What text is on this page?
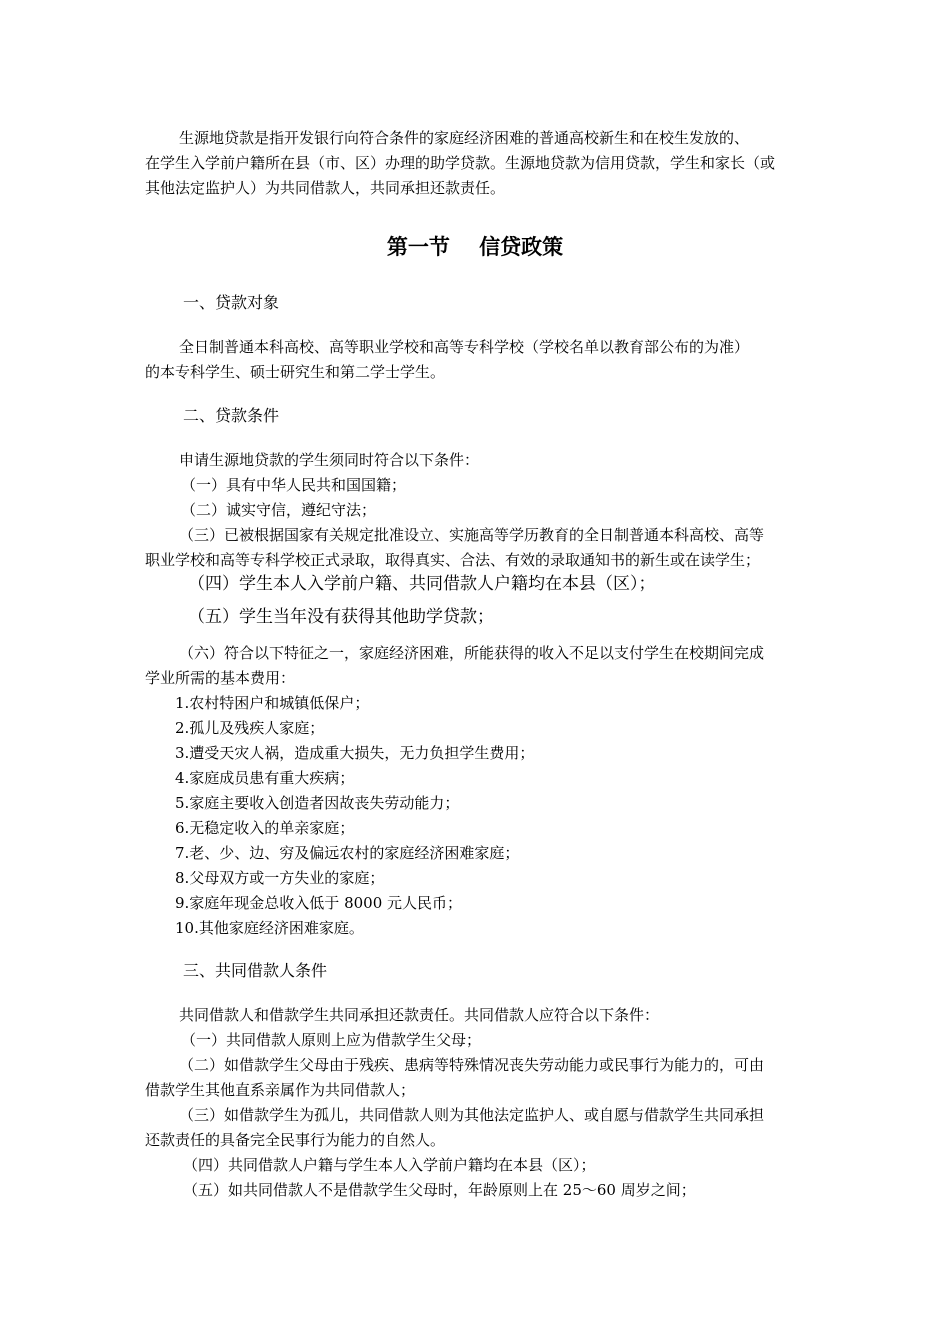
生源地贷款是指开发银行向符合条件的家庭经济困难的普通高校新生和在校生发放的、
在学生入学前户籍所在县（市、区）办理的助学贷款。生源地贷款为信用贷款，学生和家长（或
其他法定监护人）为共同借款人，共同承担还款责任。
第一节    信贷政策
一、贷款对象
全日制普通本科高校、高等职业学校和高等专科学校（学校名单以教育部公布的为准）
的本专科学生、硕士研究生和第二学士学生。
二、贷款条件
申请生源地贷款的学生须同时符合以下条件：
（一）具有中华人民共和国国籍；
（二）诚实守信，遵纪守法；
（三）已被根据国家有关规定批准设立、实施高等学历教育的全日制普通本科高校、高等
职业学校和高等专科学校正式录取，取得真实、合法、有效的录取通知书的新生或在读学生；
（四）学生本人入学前户籍、共同借款人户籍均在本县（区）；
（五）学生当年没有获得其他助学贷款；
（六）符合以下特征之一，家庭经济困难，所能获得的收入不足以支付学生在校期间完成
学业所需的基本费用：
1.农村特困户和城镇低保户；
2.孤儿及残疾人家庭；
3.遭受天灾人祸，造成重大损失，无力负担学生费用；
4.家庭成员患有重大疾病；
5.家庭主要收入创造者因故丧失劳动能力；
6.无稳定收入的单亲家庭；
7.老、少、边、穷及偏远农村的家庭经济困难家庭；
8.父母双方或一方失业的家庭；
9.家庭年现金总收入低于 8000 元人民币；
10.其他家庭经济困难家庭。
三、共同借款人条件
共同借款人和借款学生共同承担还款责任。共同借款人应符合以下条件：
（一）共同借款人原则上应为借款学生父母；
（二）如借款学生父母由于残疾、患病等特殊情况丧失劳动能力或民事行为能力的，可由
借款学生其他直系亲属作为共同借款人；
（三）如借款学生为孤儿，共同借款人则为其他法定监护人、或自愿与借款学生共同承担
还款责任的具备完全民事行为能力的自然人。
（四）共同借款人户籍与学生本人入学前户籍均在本县（区）；
（五）如共同借款人不是借款学生父母时，年龄原则上在 25～60 周岁之间；
